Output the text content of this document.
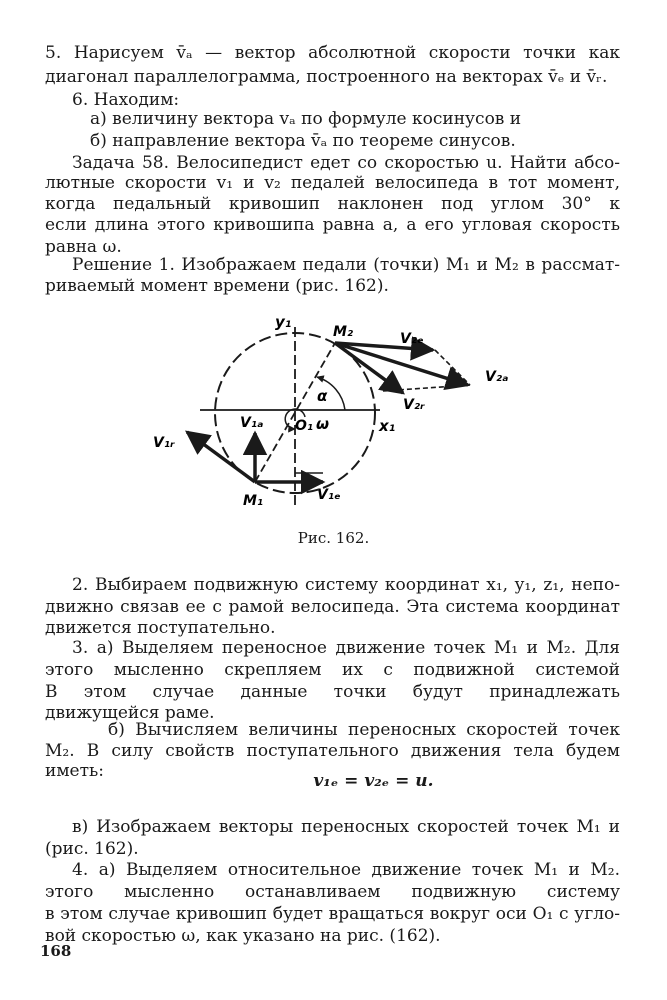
5. Нарисуем v̄ₐ — вектор абсолютной скорости точки как
диагонал параллелограмма, построенного на векторах v̄ₑ и v̄ᵣ.
6. Находим:
а) величину вектора vₐ по формуле косинусов и
б) направление вектора v̄ₐ по теореме синусов.
Задача 58. Велосипедист едет со скоростью u. Найти абсо-
лютные скорости v₁ и v₂ педалей велосипеда в тот момент,
когда педальный кривошип наклонен под углом 30° к
если длина этого кривошипа равна a, а его угловая скорость
равна ω.
Решение 1. Изображаем педали (точки) M₁ и M₂ в рассмат-
риваемый момент времени (рис. 162).
y₁
x₁
M₂
M₁
O₁
α
ω
V₂ₑ
V₂ₐ
V₂ᵣ
V₁ₐ
V₁ᵣ
V₁ₑ
Рис. 162.
2. Выбираем подвижную систему координат x₁, y₁, z₁, непо-
движно связав ее с рамой велосипеда. Эта система координат
движется поступательно.
3. а) Выделяем переносное движение точек M₁ и M₂. Для
этого мысленно скрепляем их с подвижной системой
В этом случае данные точки будут принадлежать
движущейся раме.
б) Вычисляем величины переносных скоростей точек
M₂. В силу свойств поступательного движения тела будем
иметь:	v₁ₑ = v₂ₑ = u.
в) Изображаем векторы переносных скоростей точек M₁ и
(рис. 162).
4. а) Выделяем относительное движение точек M₁ и M₂.
этого мысленно останавливаем подвижную систему
в этом случае кривошип будет вращаться вокруг оси O₁ с угло-
вой скоростью ω, как указано на рис. (162).
168
